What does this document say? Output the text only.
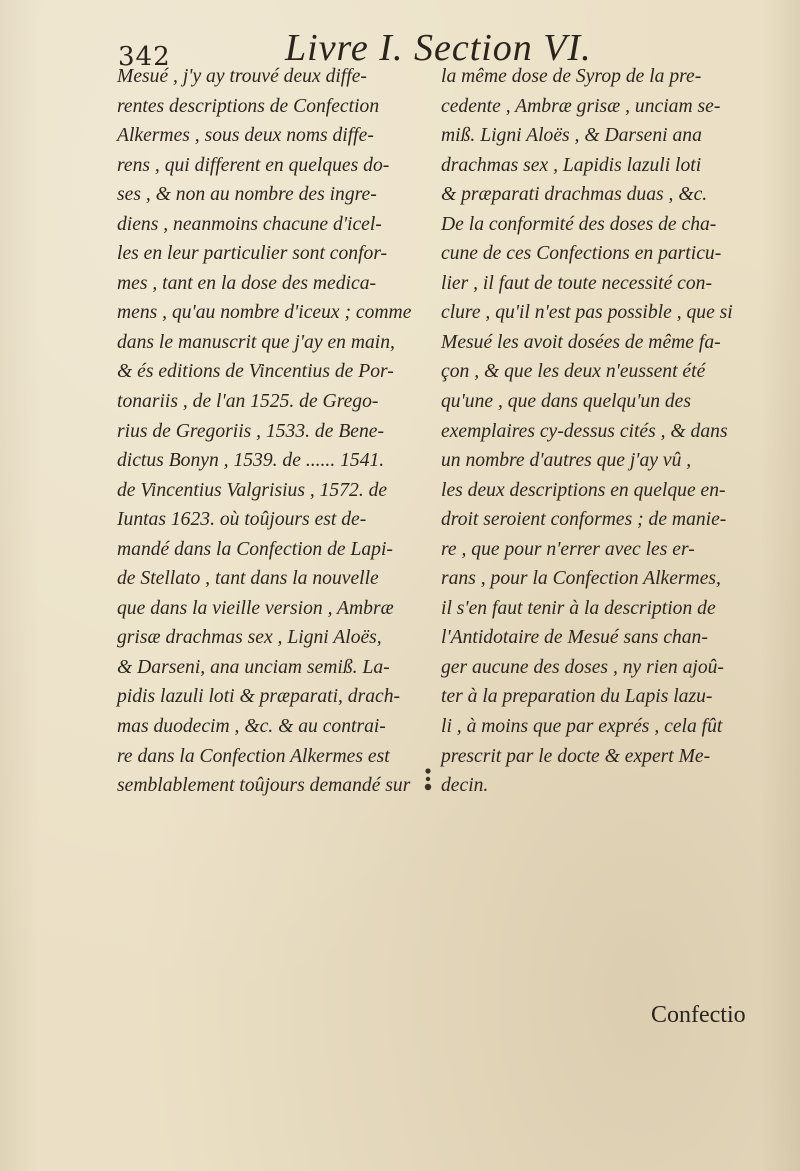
342	Livre I. Section VI.
Mesué , j'y ay trouvé deux diffe-
rentes descriptions de Confection
Alkermes , sous deux noms diffe-
rens , qui different en quelques do-
ses , & non au nombre des ingre-
diens , neanmoins chacune d'icel-
les en leur particulier sont confor-
mes , tant en la dose des medica-
mens , qu'au nombre d'iceux ; comme
dans le manuscrit que j'ay en main,
& és editions de Vincentius de Por-
tonariis , de l'an 1525. de Grego-
rius de Gregoriis , 1533. de Bene-
dictus Bonyn , 1539. de ...... 1541.
de Vincentius Valgrisius , 1572. de
Iuntas 1623. où toûjours est de-
mandé dans la Confection de Lapi-
de Stellato , tant dans la nouvelle
que dans la vieille version , Ambræ
grisæ drachmas sex , Ligni Aloës,
& Darseni, ana unciam semiß. La-
pidis lazuli loti & præparati, drach-
mas duodecim , &c. & au contrai-
re dans la Confection Alkermes est
semblablement toûjours demandé sur
la même dose de Syrop de la pre-
cedente , Ambræ grisæ , unciam se-
miß. Ligni Aloës , & Darseni ana
drachmas sex , Lapidis lazuli loti
& præparati drachmas duas , &c.
De la conformité des doses de cha-
cune de ces Confections en particu-
lier , il faut de toute necessité con-
clure , qu'il n'est pas possible , que si
Mesué les avoit dosées de même fa-
çon , & que les deux n'eussent été
qu'une , que dans quelqu'un des
exemplaires cy-dessus cités , & dans
un nombre d'autres que j'ay vû ,
les deux descriptions en quelque en-
droit seroient conformes ; de manie-
re , que pour n'errer avec les er-
rans , pour la Confection Alkermes,
il s'en faut tenir à la description de
l'Antidotaire de Mesué sans chan-
ger aucune des doses , ny rien ajoû-
ter à la preparation du Lapis lazu-
li , à moins que par exprés , cela fût
prescrit par le docte & expert Me-
decin.
Confectio
